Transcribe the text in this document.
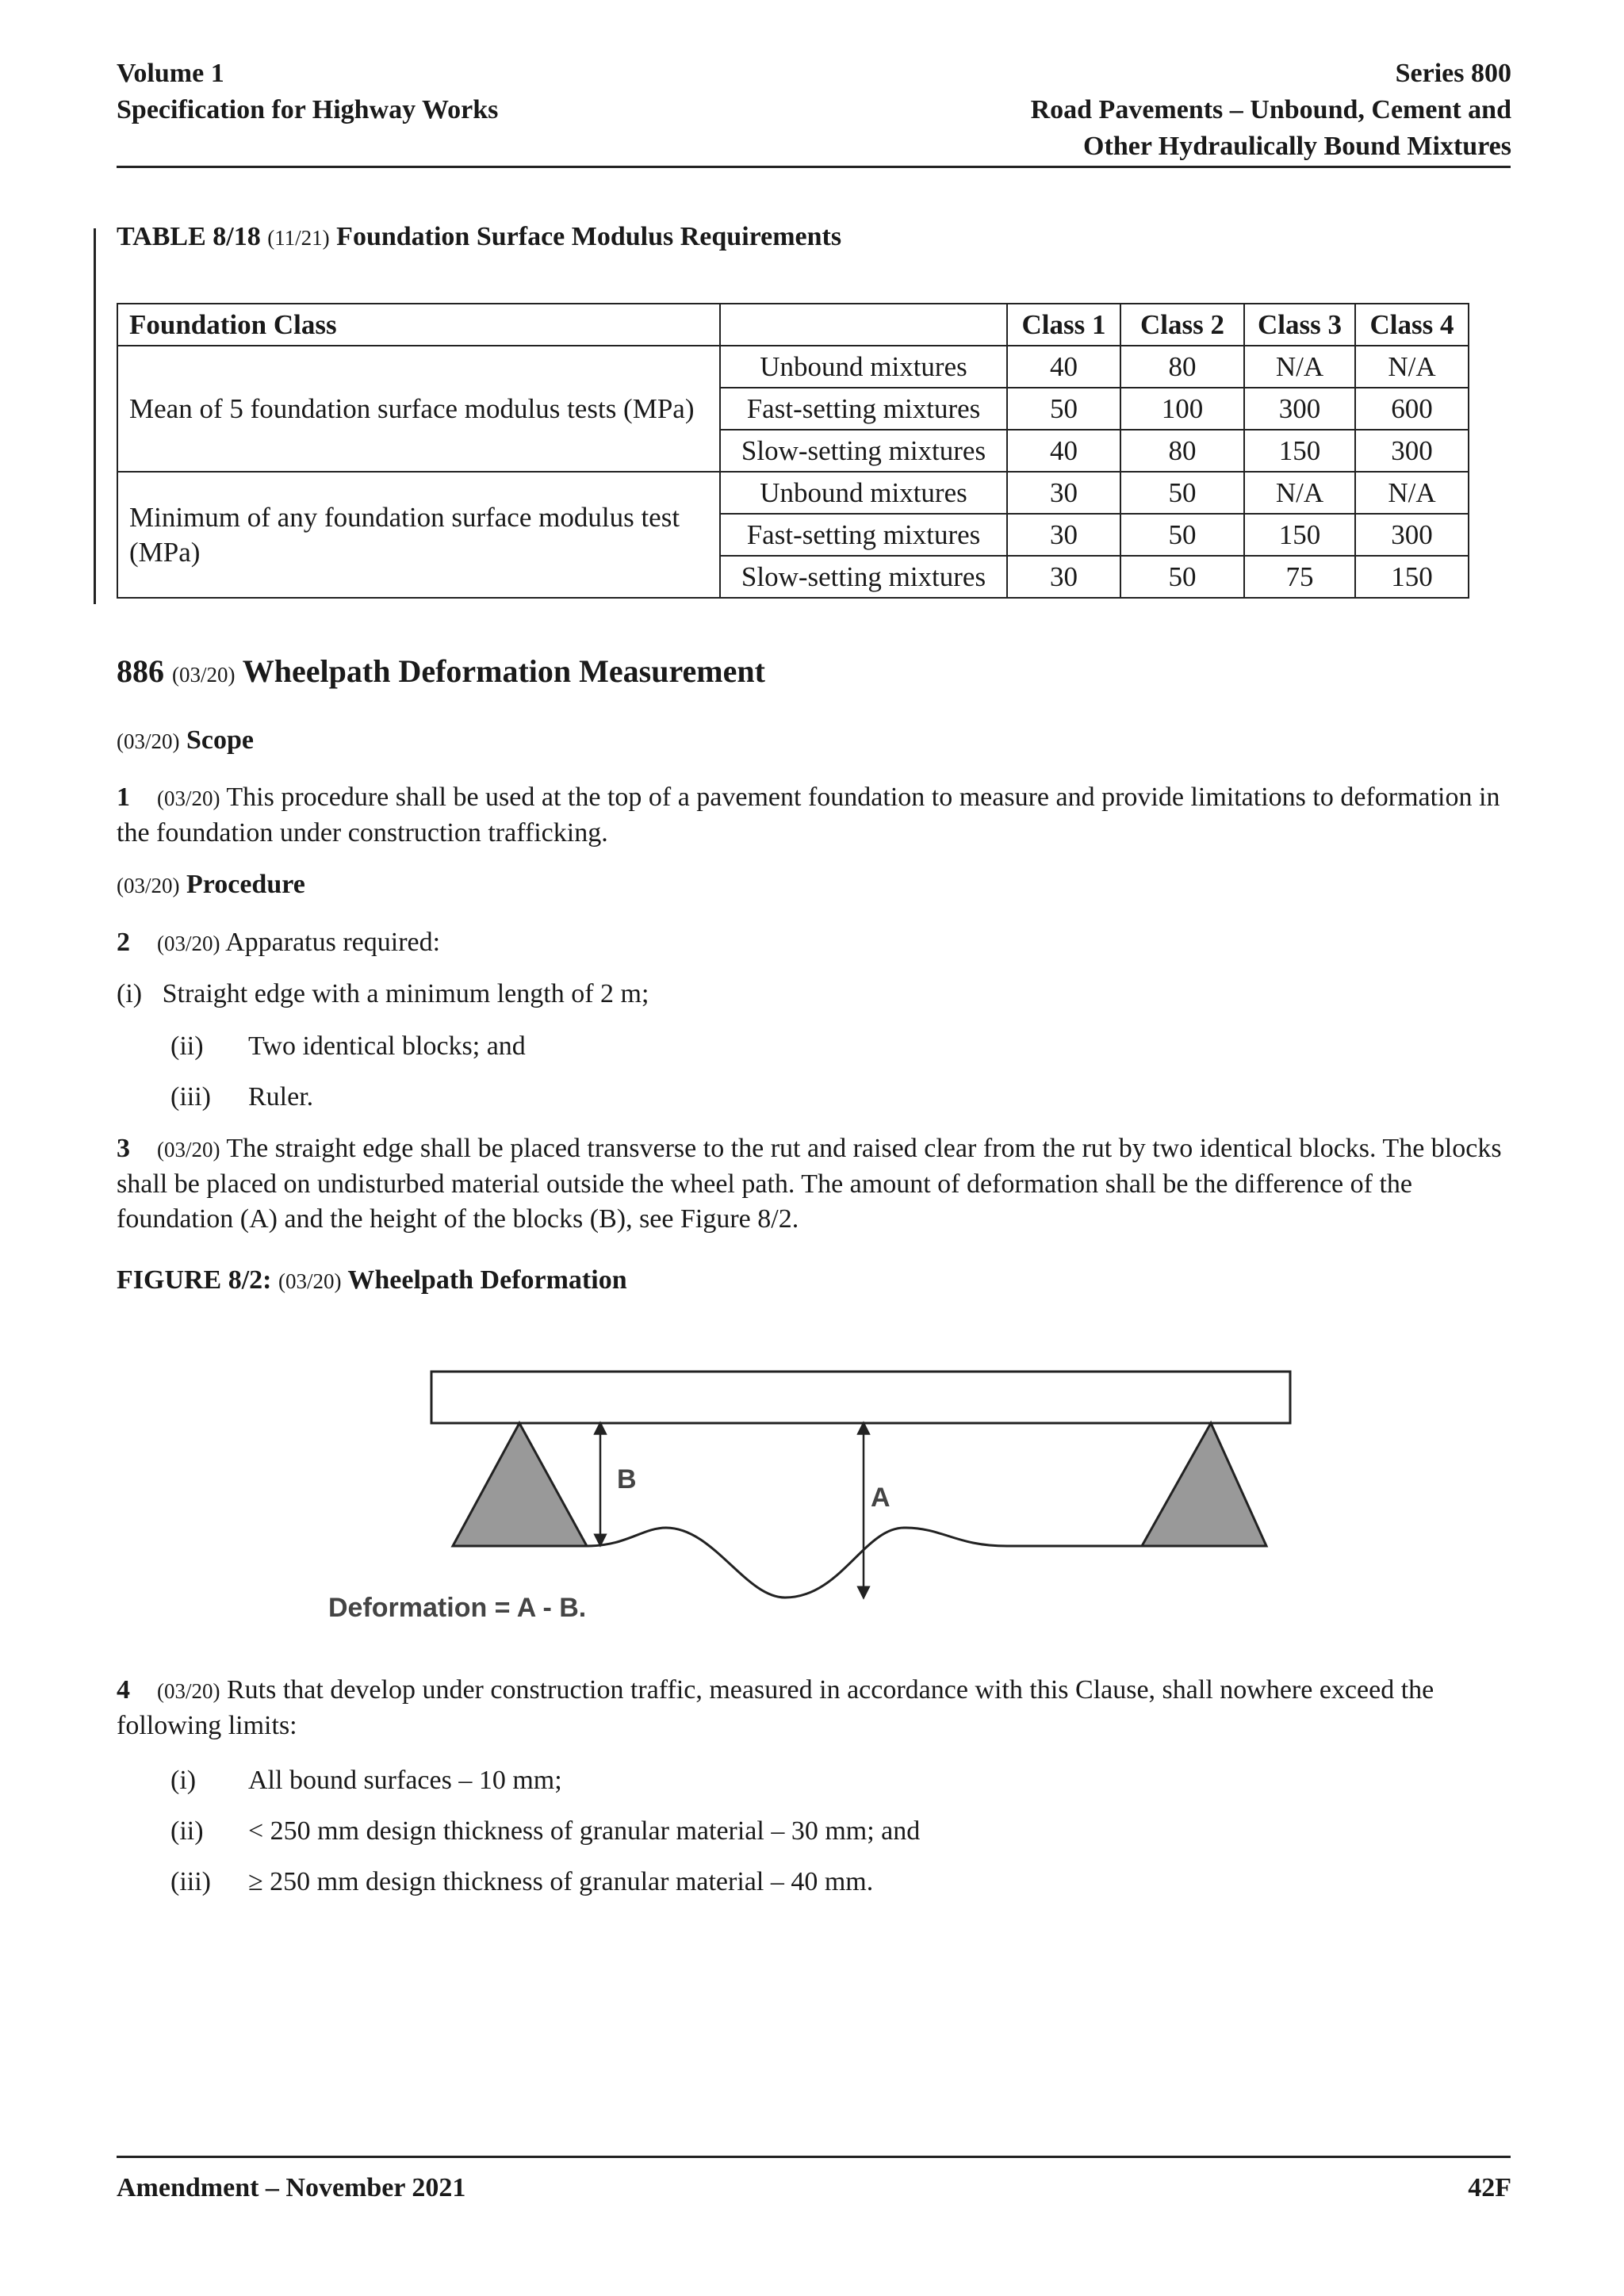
Volume 1
Specification for Highway Works
Series 800
Road Pavements – Unbound, Cement and
Other Hydraulically Bound Mixtures
TABLE 8/18 (11/21) Foundation Surface Modulus Requirements
Foundation Class		Class 1	Class 2	Class 3	Class 4
Mean of 5 foundation surface modulus tests (MPa)	Unbound mixtures	40	80	N/A	N/A
	Fast-setting mixtures	50	100	300	600
	Slow-setting mixtures	40	80	150	300
Minimum of any foundation surface modulus test (MPa)	Unbound mixtures	30	50	N/A	N/A
	Fast-setting mixtures	30	50	150	300
	Slow-setting mixtures	30	50	75	150
886 (03/20) Wheelpath Deformation Measurement
(03/20) Scope
1 (03/20) This procedure shall be used at the top of a pavement foundation to measure and provide limitations to deformation in the foundation under construction trafficking.
(03/20) Procedure
2 (03/20) Apparatus required:
(i) Straight edge with a minimum length of 2 m;
(ii) Two identical blocks; and
(iii) Ruler.
3 (03/20) The straight edge shall be placed transverse to the rut and raised clear from the rut by two identical blocks. The blocks shall be placed on undisturbed material outside the wheel path. The amount of deformation shall be the difference of the foundation (A) and the height of the blocks (B), see Figure 8/2.
FIGURE 8/2: (03/20) Wheelpath Deformation
B
A
Deformation = A - B.
4 (03/20) Ruts that develop under construction traffic, measured in accordance with this Clause, shall nowhere exceed the following limits:
(i) All bound surfaces – 10 mm;
(ii) < 250 mm design thickness of granular material – 30 mm; and
(iii) ≥ 250 mm design thickness of granular material – 40 mm.
Amendment – November 2021	42F
